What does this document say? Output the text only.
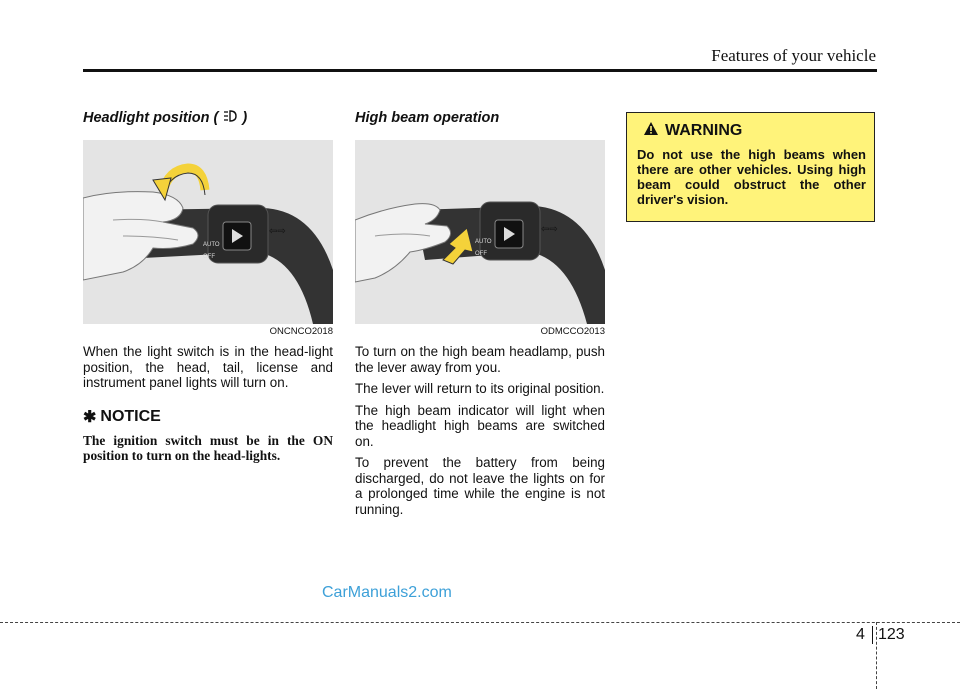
Features of your vehicle
Headlight position ( )
AUTO
OFF
⇦⇨
ONCNCO2018

When the light switch is in the head-light position, the head, tail, license and instrument panel lights will turn on.

✱ NOTICE
The ignition switch must be in the ON position to turn on the head-lights.
High beam operation
AUTO
OFF
⇦⇨
ODMCCO2013

To turn on the high beam headlamp, push the lever away from you.

The lever will return to its original position.

The high beam indicator will light when the headlight high beams are switched on.

To prevent the battery from being discharged, do not leave the lights on for a prolonged time while the engine is not running.

WARNING
Do not use the high beams when there are other vehicles. Using high beam could obstruct the other driver's vision.
CarManuals2.com
4 123
